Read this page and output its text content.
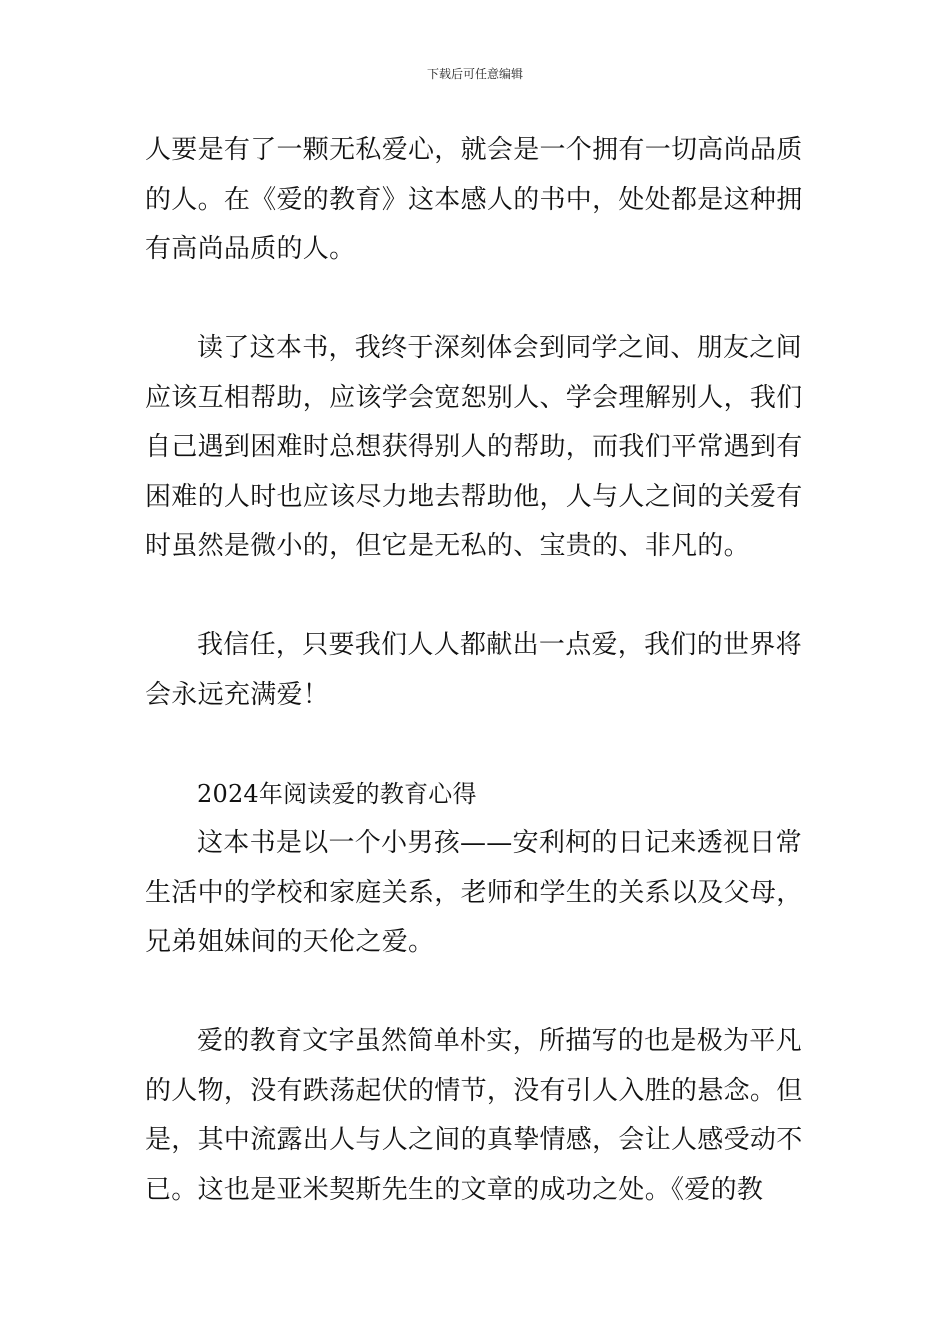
下载后可任意编辑
人要是有了一颗无私爱心，就会是一个拥有一切高尚品质
的人。在《爱的教育》这本感人的书中，处处都是这种拥
有高尚品质的人。
读了这本书，我终于深刻体会到同学之间、朋友之间
应该互相帮助，应该学会宽恕别人、学会理解别人，我们
自己遇到困难时总想获得别人的帮助，而我们平常遇到有
困难的人时也应该尽力地去帮助他，人与人之间的关爱有
时虽然是微小的，但它是无私的、宝贵的、非凡的。
我信任，只要我们人人都献出一点爱，我们的世界将
会永远充满爱！
2024年阅读爱的教育心得
这本书是以一个小男孩——安利柯的日记来透视日常
生活中的学校和家庭关系，老师和学生的关系以及父母，
兄弟姐妹间的天伦之爱。
爱的教育文字虽然简单朴实，所描写的也是极为平凡
的人物，没有跌荡起伏的情节，没有引人入胜的悬念。但
是，其中流露出人与人之间的真挚情感，会让人感受动不
已。这也是亚米契斯先生的文章的成功之处。《爱的教
